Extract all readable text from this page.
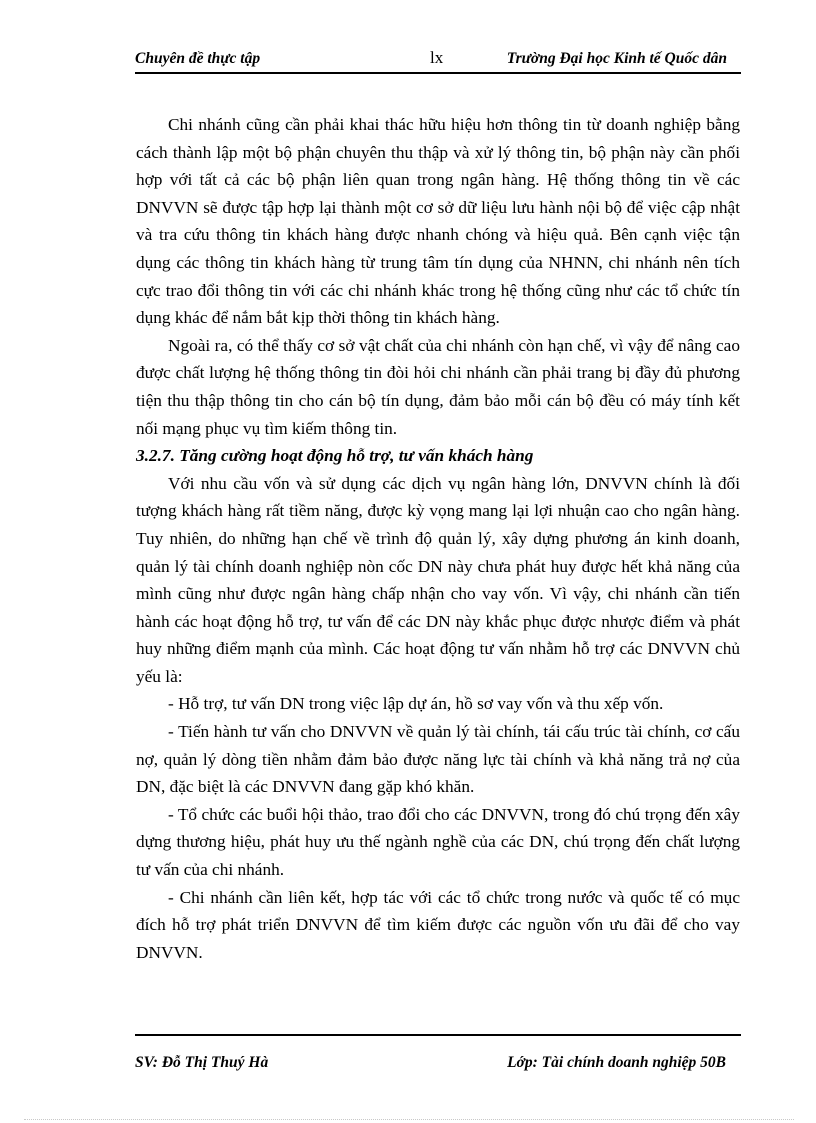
Chuyên đề thực tập	lx	Trường Đại học Kinh tế Quốc dân

Chi nhánh cũng cần phải khai thác hữu hiệu hơn thông tin từ doanh nghiệp bằng cách thành lập một bộ phận chuyên thu thập và xử lý thông tin, bộ phận này cần phối hợp với tất cả các bộ phận liên quan trong ngân hàng. Hệ thống thông tin về các DNVVN sẽ được tập hợp lại thành một cơ sở dữ liệu lưu hành nội bộ để việc cập nhật và tra cứu thông tin khách hàng được nhanh chóng và hiệu quả. Bên cạnh việc tận dụng các thông tin khách hàng từ trung tâm tín dụng của NHNN, chi nhánh nên tích cực trao đổi thông tin với các chi nhánh khác trong hệ thống cũng như các tổ chức tín dụng khác để nắm bắt kịp thời thông tin khách hàng.

Ngoài ra, có thể thấy cơ sở vật chất của chi nhánh còn hạn chế, vì vậy để nâng cao được chất lượng hệ thống thông tin đòi hỏi chi nhánh cần phải trang bị đầy đủ phương tiện thu thập thông tin cho cán bộ tín dụng, đảm bảo mỗi cán bộ đều có máy tính kết nối mạng phục vụ tìm kiếm thông tin.

3.2.7. Tăng cường hoạt động hỗ trợ, tư vấn khách hàng

Với nhu cầu vốn và sử dụng các dịch vụ ngân hàng lớn, DNVVN chính là đối tượng khách hàng rất tiềm năng, được kỳ vọng mang lại lợi nhuận cao cho ngân hàng. Tuy nhiên, do những hạn chế về trình độ quản lý, xây dựng phương án kinh doanh, quản lý tài chính doanh nghiệp nòn cốc DN này chưa phát huy được hết khả năng của mình cũng như được ngân hàng chấp nhận cho vay vốn. Vì vậy, chi nhánh cần tiến hành các hoạt động hỗ trợ, tư vấn để các DN này khắc phục được nhược điểm và phát huy những điểm mạnh của mình. Các hoạt động tư vấn nhằm hỗ trợ các DNVVN chủ yếu là:

- Hỗ trợ, tư vấn DN trong việc lập dự án, hồ sơ vay vốn và thu xếp vốn.

- Tiến hành tư vấn cho DNVVN về quản lý tài chính, tái cấu trúc tài chính, cơ cấu nợ, quản lý dòng tiền nhằm đảm bảo được năng lực tài chính và khả năng trả nợ của DN, đặc biệt là các DNVVN đang gặp khó khăn.

- Tổ chức các buổi hội thảo, trao đổi cho các DNVVN, trong đó chú trọng đến xây dựng thương hiệu, phát huy ưu thế ngành nghề của các DN, chú trọng đến chất lượng tư vấn của chi nhánh.

- Chi nhánh cần liên kết, hợp tác với các tổ chức trong nước và quốc tế có mục đích hỗ trợ phát triển DNVVN để tìm kiếm được các nguồn vốn ưu đãi để cho vay DNVVN.

SV: Đỗ Thị Thuý Hà	Lớp: Tài chính doanh nghiệp 50B
